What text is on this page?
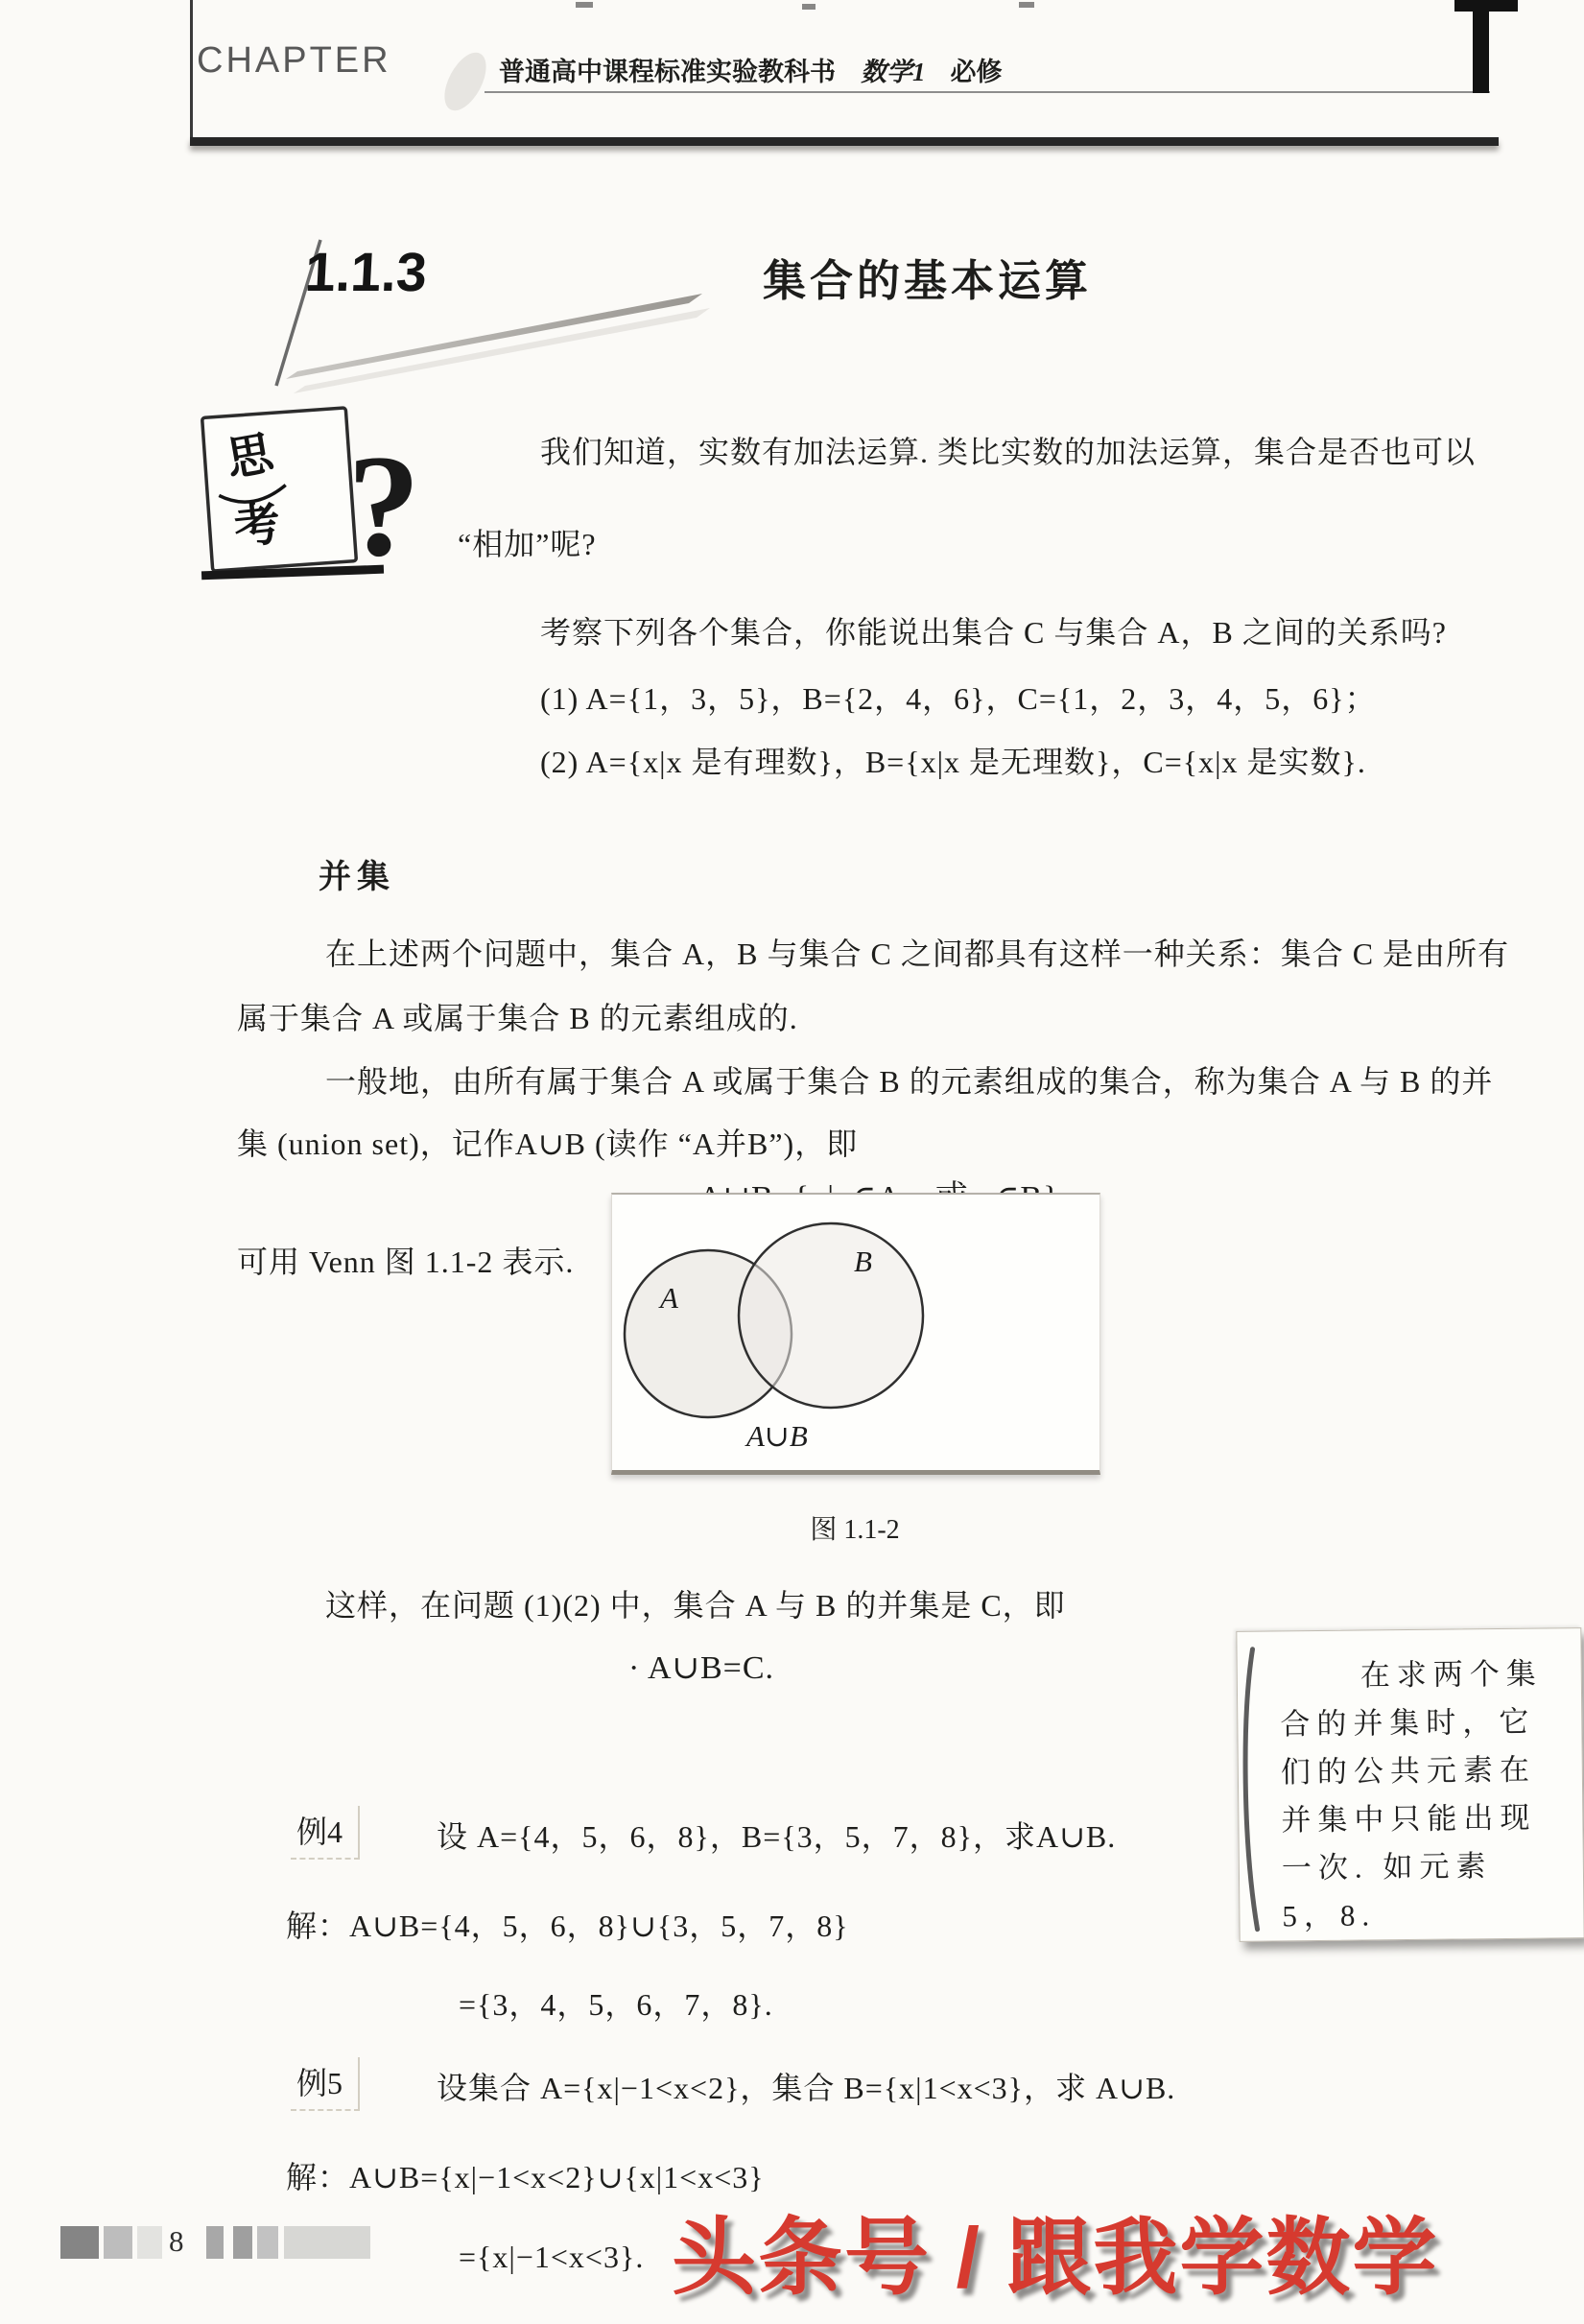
CHAPTER	普通高中课程标准实验教科书 数学1 必修
1.1.3	集合的基本运算
思
考 ?	我们知道，实数有加法运算. 类比实数的加法运算，集合是否也可以
“相加”呢?
考察下列各个集合，你能说出集合 C 与集合 A，B 之间的关系吗?
(1) A={1，3，5}，B={2，4，6}，C={1，2，3，4，5，6}；
(2) A={x|x 是有理数}，B={x|x 是无理数}，C={x|x 是实数}.
并集
在上述两个问题中，集合 A，B 与集合 C 之间都具有这样一种关系：集合 C 是由所有
属于集合 A 或属于集合 B 的元素组成的.
一般地，由所有属于集合 A 或属于集合 B 的元素组成的集合，称为集合 A 与 B 的并
集 (union set)，记作A∪B (读作 “A并B”)，即
可用 Venn 图 1.1-2 表示.
A
B
A∪B
图 1.1-2
这样，在问题 (1)(2) 中，集合 A 与 B 的并集是 C，即
· A∪B=C.
例4	设 A={4，5，6，8}，B={3，5，7，8}，求A∪B.
解：A∪B={4，5，6，8}∪{3，5，7，8}
={3，4，5，6，7，8}.
在求两个集
合的并集时，它
们的公共元素在
并集中只能出现
一次. 如元素
5，8.
例5	设集合 A={x|−1<x<2}，集合 B={x|1<x<3}，求 A∪B.
解：A∪B={x|−1<x<2}∪{x|1<x<3}
={x|−1<x<3}.
8	头条号 / 跟我学数学
